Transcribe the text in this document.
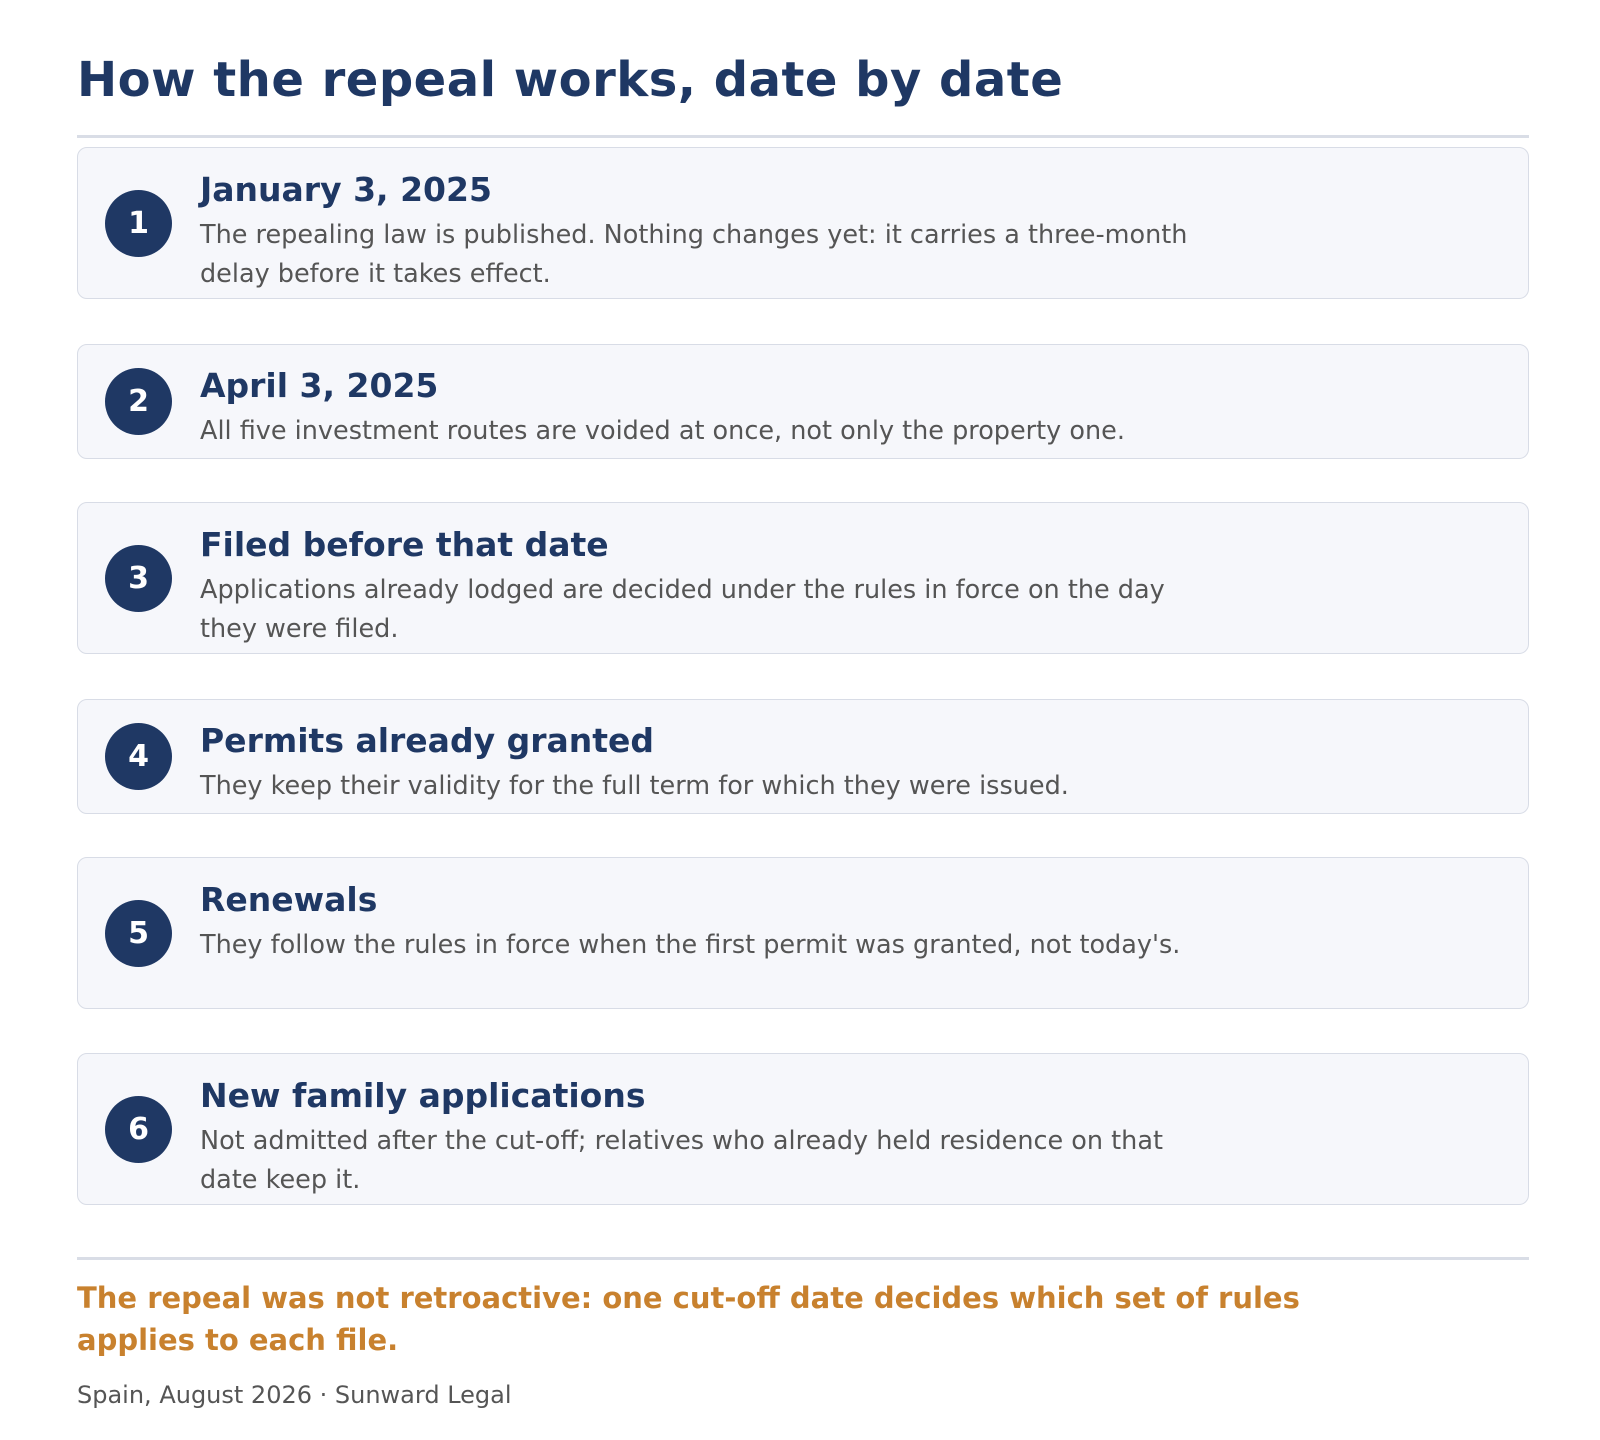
How the repeal works, date by date
1
January 3, 2025
The repealing law is published. Nothing changes yet: it carries a three-month delay before it takes effect.
2	April 3, 2025
All five investment routes are voided at once, not only the property one.
3
Filed before that date
Applications already lodged are decided under the rules in force on the day they were filed.
4	Permits already granted
They keep their validity for the full term for which they were issued.
5
Renewals
They follow the rules in force when the first permit was granted, not today's.
6
New family applications
Not admitted after the cut-off; relatives who already held residence on that date keep it.
The repeal was not retroactive: one cut-off date decides which set of rules applies to each file.
Spain, August 2026 · Sunward Legal
